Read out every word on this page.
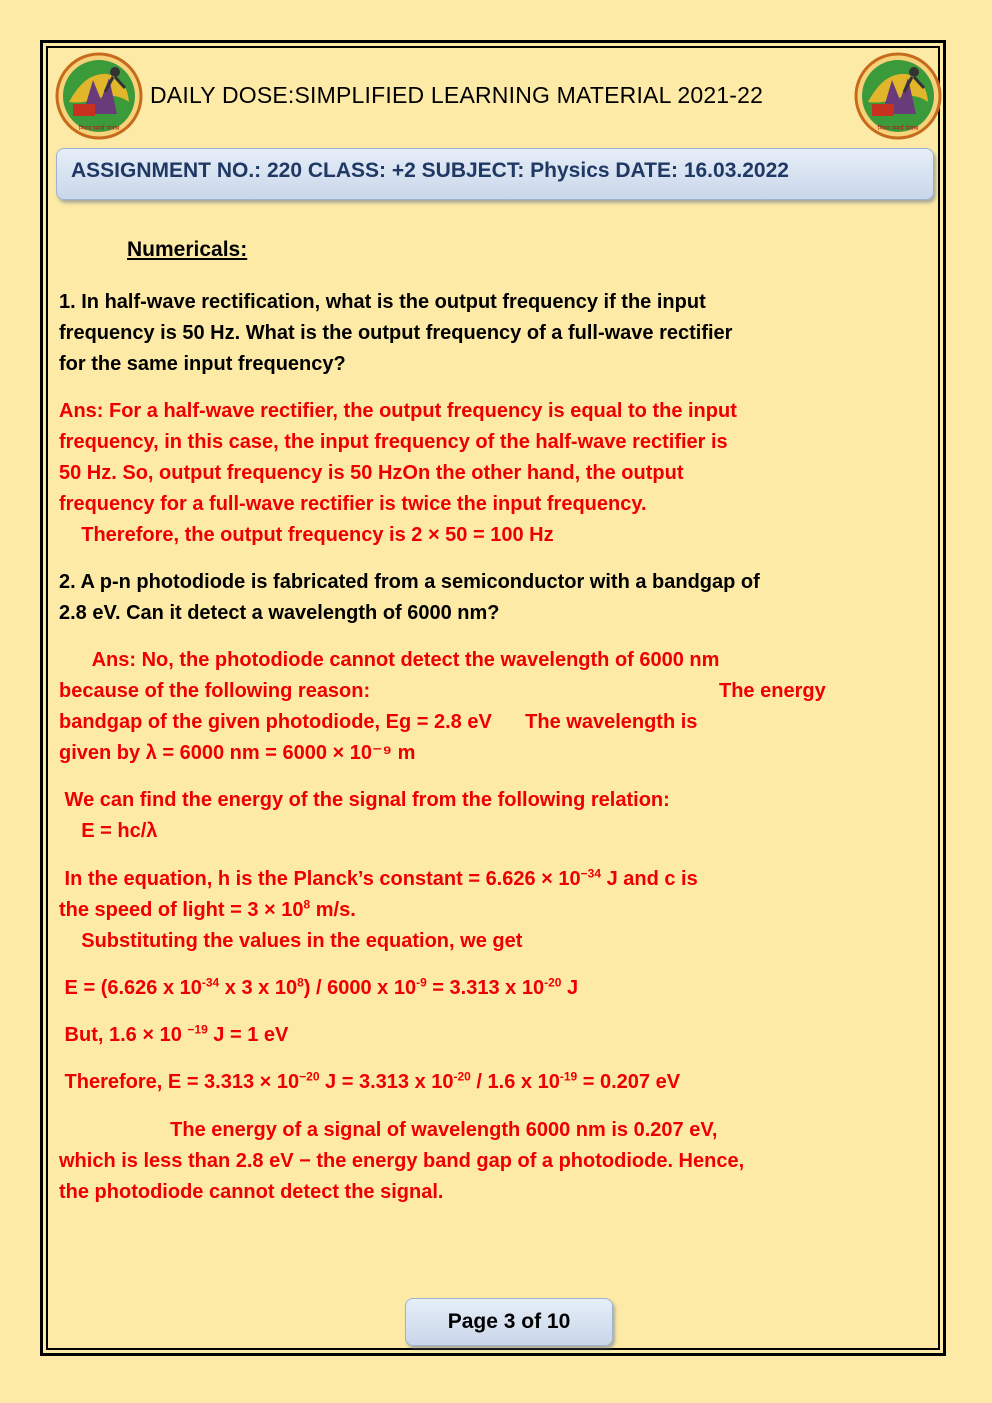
मिशन समर्थ पंजाब	मिशन समर्थ पंजाब
DAILY DOSE:SIMPLIFIED LEARNING MATERIAL 2021-22
ASSIGNMENT NO.: 220 CLASS: +2 SUBJECT: Physics DATE: 16.03.2022
Numericals:
1. In half-wave rectification, what is the output frequency if the input
frequency is 50 Hz. What is the output frequency of a full-wave rectifier
for the same input frequency?
Ans: For a half-wave rectifier, the output frequency is equal to the input
frequency, in this case, the input frequency of the half-wave rectifier is
50 Hz. So, output frequency is 50 HzOn the other hand, the output
frequency for a full-wave rectifier is twice the input frequency.
Therefore, the output frequency is 2 × 50 = 100 Hz
2. A p-n photodiode is fabricated from a semiconductor with a bandgap of
2.8 eV. Can it detect a wavelength of 6000 nm?
Ans: No, the photodiode cannot detect the wavelength of 6000 nm
because of the following reason:	The energy
bandgap of the given photodiode, Eg = 2.8 eV      The wavelength is
given by λ = 6000 nm = 6000 × 10⁻⁹ m
We can find the energy of the signal from the following relation:
E = hc/λ
In the equation, h is the Planck’s constant = $6.626 \times 10^{-34}$ J and c is
the speed of light = $3 \times 10^8$ m/s.
Substituting the values in the equation, we get
E = (6.626 x $10^{-34}$ x 3 x $10^8) / 6000$ x $10^{-9} = 3.313$ x $10^{-20}$ J
But, 1.6 × 10 $^{-19}$ J = 1 eV
Therefore, $E = 3.313 \times 10^{-20}$ J = 3.313 x $10^{-20} / 1.6$ x $10^{-19} = 0.207$ eV
The energy of a signal of wavelength 6000 nm is 0.207 eV,
which is less than 2.8 eV − the energy band gap of a photodiode. Hence,
the photodiode cannot detect the signal.
Page 3 of 10
